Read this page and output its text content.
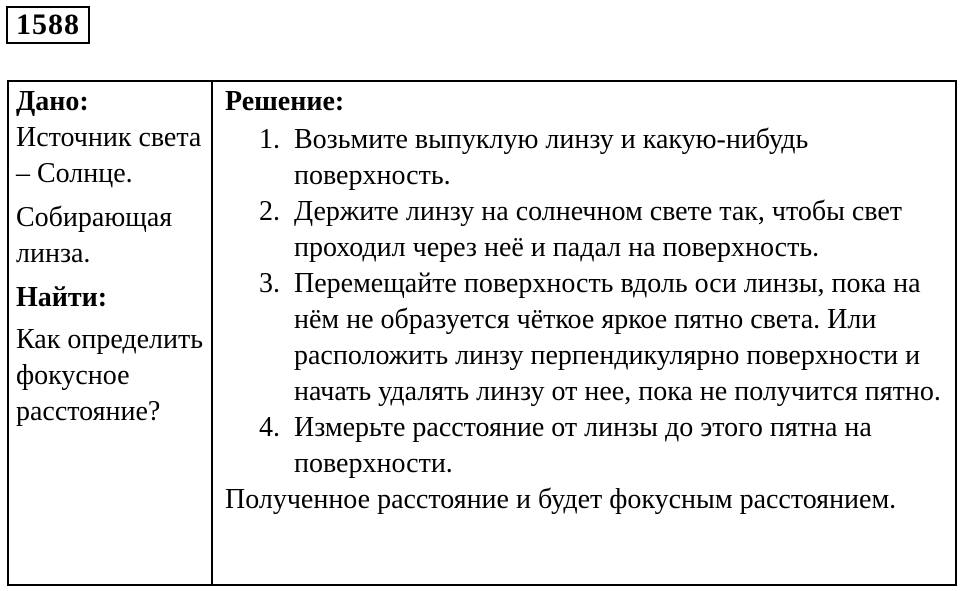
1588
Дано:
Источник света – Солнце.
Собирающая линза.
Найти:
Как определить фокусное расстояние?
Решение:
1. Возьмите выпуклую линзу и какую-нибудь поверхность.
2. Держите линзу на солнечном свете так, чтобы свет проходил через неё и падал на поверхность.
3. Перемещайте поверхность вдоль оси линзы, пока на нём не образуется чёткое яркое пятно света. Или расположить линзу перпендикулярно поверхности и начать удалять линзу от нее, пока не получится пятно.
4. Измерьте расстояние от линзы до этого пятна на поверхности.
Полученное расстояние и будет фокусным расстоянием.
